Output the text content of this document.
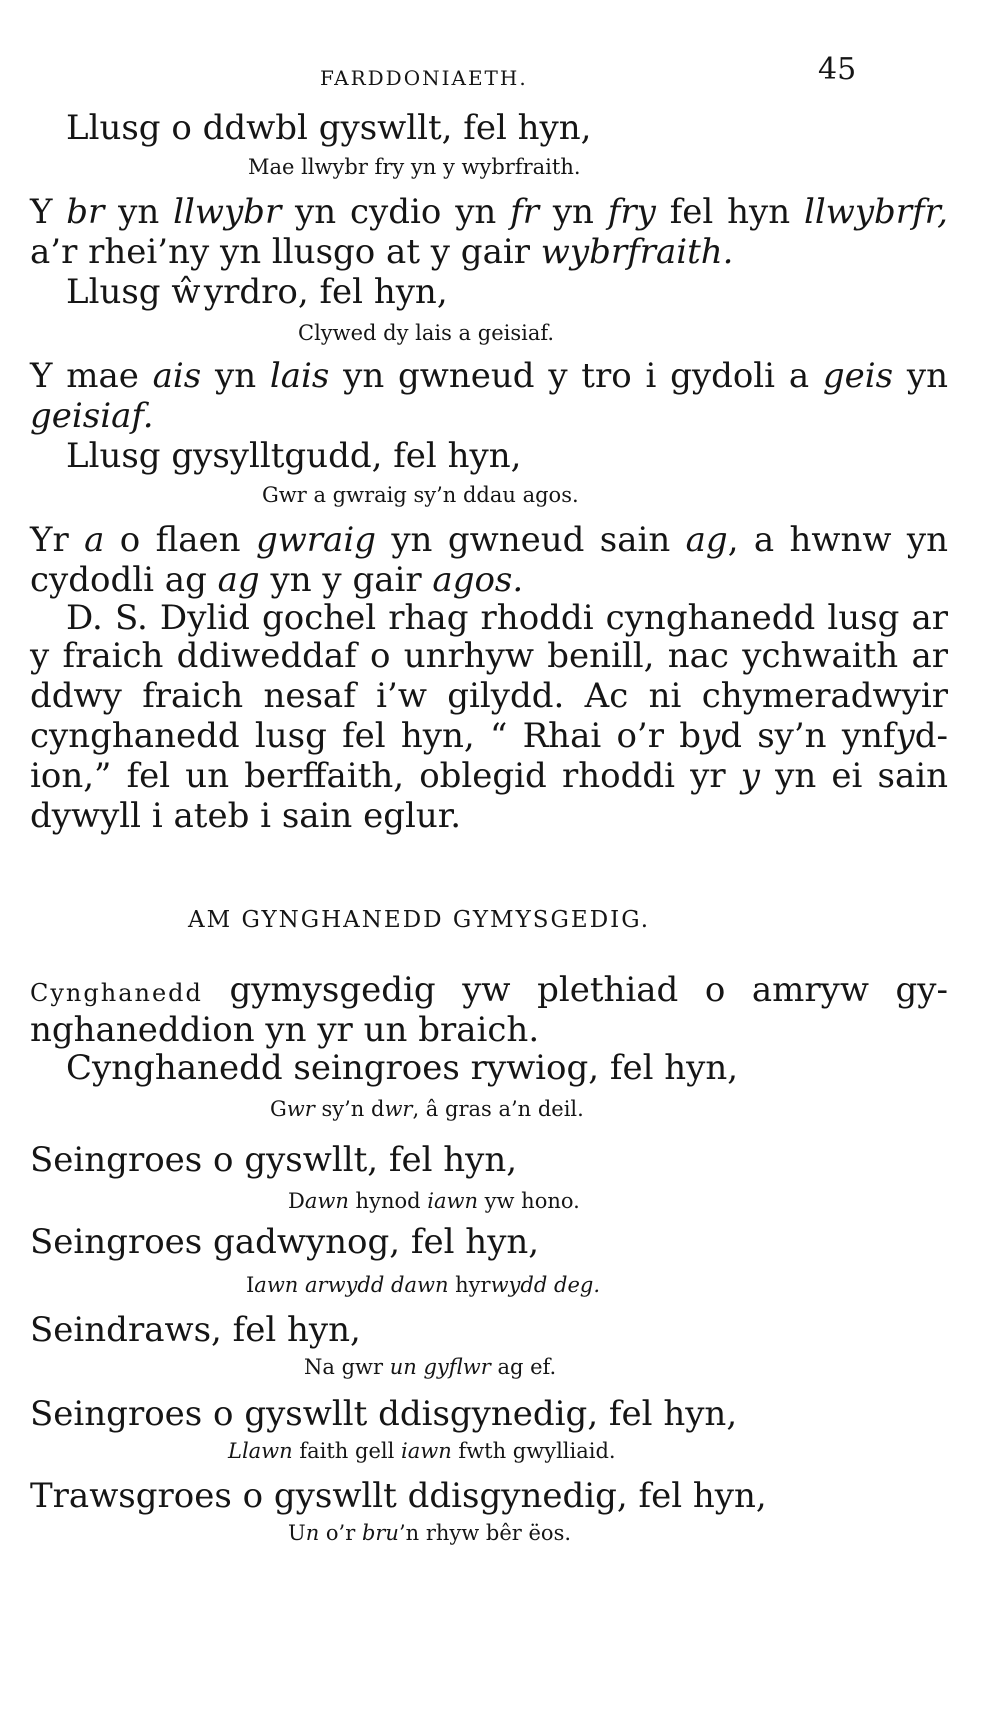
FARDDONIAETH.	45
Llusg o ddwbl gyswllt, fel hyn,
Mae llwybr fry yn y wybrfraith.
Y br yn llwybr yn cydio yn fr yn fry fel hyn llwybrfr,
a’r rhei’ny yn llusgo at y gair wybrfraith.
Llusg ŵyrdro, fel hyn,
Clywed dy lais a geisiaf.
Y mae ais yn lais yn gwneud y tro i gydoli a geis yn
geisiaf.
Llusg gysylltgudd, fel hyn,
Gwr a gwraig sy’n ddau agos.
Yr a o flaen gwraig yn gwneud sain ag, a hwnw yn
cydodli ag ag yn y gair agos.
D. S. Dylid gochel rhag rhoddi cynghanedd lusg ar
y fraich ddiweddaf o unrhyw benill, nac ychwaith ar
ddwy fraich nesaf i’w gilydd. Ac ni chymeradwyir
cynghanedd lusg fel hyn, “ Rhai o’r byd sy’n ynfyd-
ion,” fel un berffaith, oblegid rhoddi yr y yn ei sain
dywyll i ateb i sain eglur.
AM GYNGHANEDD GYMYSGEDIG.
Cynghanedd gymysgedig yw plethiad o amryw gy-
nghaneddion yn yr un braich.
Cynghanedd seingroes rywiog, fel hyn,
Gwr sy’n dwr, â gras a’n deil.
Seingroes o gyswllt, fel hyn,
Dawn hynod iawn yw hono.
Seingroes gadwynog, fel hyn,
Iawn arwydd dawn hyrwydd deg.
Seindraws, fel hyn,
Na gwr un gyflwr ag ef.
Seingroes o gyswllt ddisgynedig, fel hyn,
Llawn faith gell iawn fwth gwylliaid.
Trawsgroes o gyswllt ddisgynedig, fel hyn,
Un o’r bru’n rhyw bêr ëos.
